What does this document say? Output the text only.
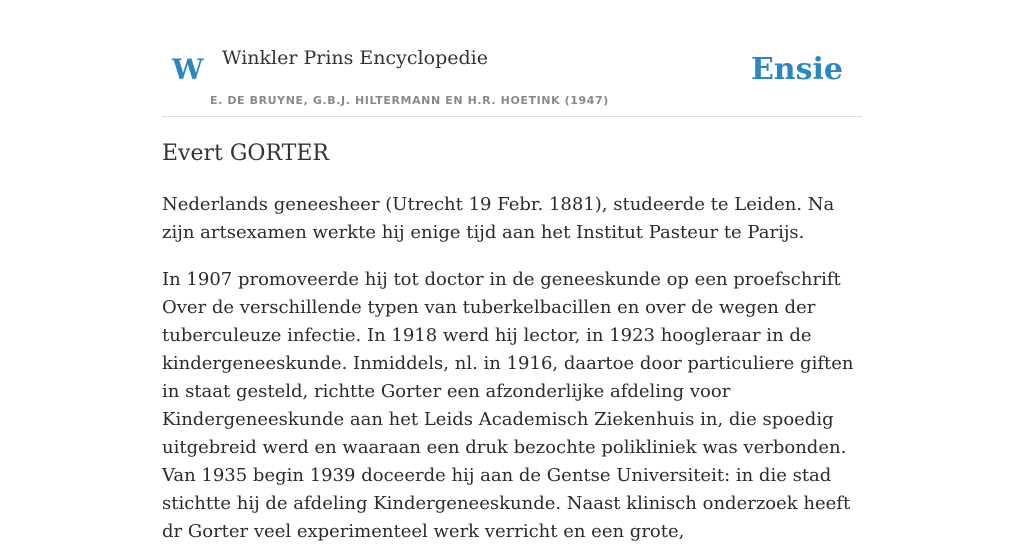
W Winkler Prins Encyclopedie
E. DE BRUYNE, G.B.J. HILTERMANN EN H.R. HOETINK (1947)
Ensie
Evert GORTER

Nederlands geneesheer (Utrecht 19 Febr. 1881), studeerde te Leiden. Na zijn artsexamen werkte hij enige tijd aan het Institut Pasteur te Parijs.

In 1907 promoveerde hij tot doctor in de geneeskunde op een proefschrift Over de verschillende typen van tuberkelbacillen en over de wegen der tuberculeuze infectie. In 1918 werd hij lector, in 1923 hoogleraar in de kindergeneeskunde. Inmiddels, nl. in 1916, daartoe door particuliere giften in staat gesteld, richtte Gorter een afzonderlijke afdeling voor Kindergeneeskunde aan het Leids Academisch Ziekenhuis in, die spoedig uitgebreid werd en waaraan een druk bezochte polikliniek was verbonden. Van 1935 begin 1939 doceerde hij aan de Gentse Universiteit: in die stad stichtte hij de afdeling Kindergeneeskunde. Naast klinisch onderzoek heeft dr Gorter veel experimenteel werk verricht en een grote,
